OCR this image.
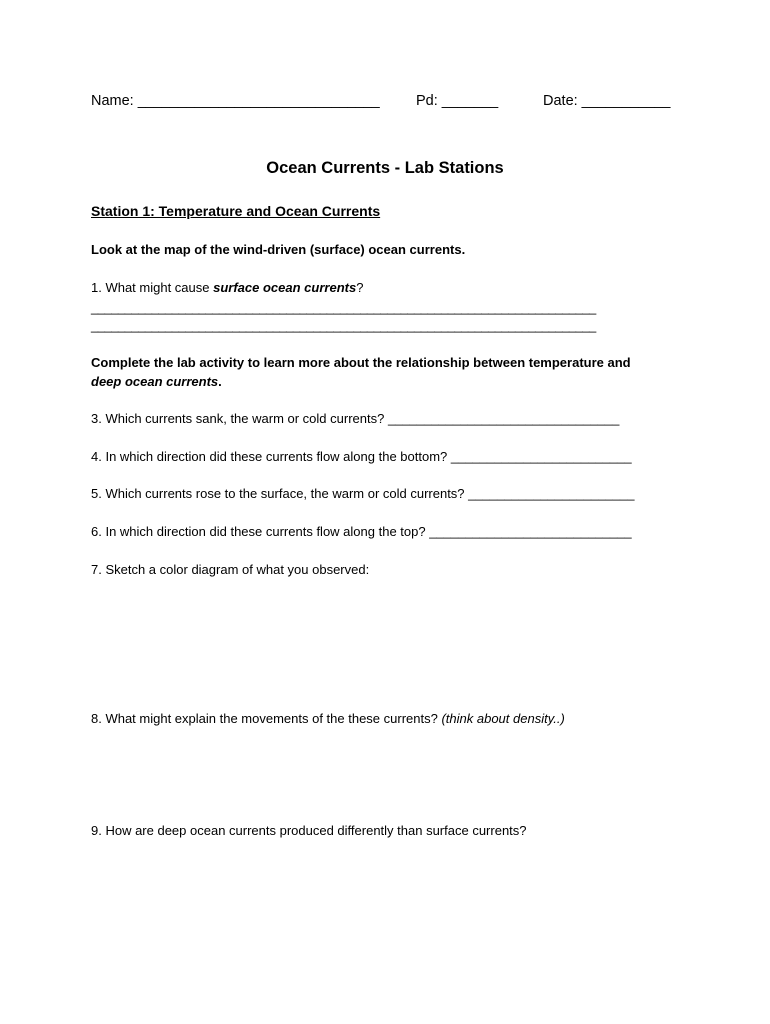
Name: ______________________________	Pd: _______	Date: ___________
Ocean Currents - Lab Stations
Station 1: Temperature and Ocean Currents
Look at the map of the wind-driven (surface) ocean currents.
1. What might cause surface ocean currents?
___________________________________________________________________________
___________________________________________________________________________
Complete the lab activity to learn more about the relationship between temperature and
deep ocean currents.
3. Which currents sank, the warm or cold currents? ________________________________
4. In which direction did these currents flow along the bottom? _________________________
5. Which currents rose to the surface, the warm or cold currents? _______________________
6. In which direction did these currents flow along the top? ____________________________
7. Sketch a color diagram of what you observed:
8. What might explain the movements of the these currents? (think about density..)
9. How are deep ocean currents produced differently than surface currents?
